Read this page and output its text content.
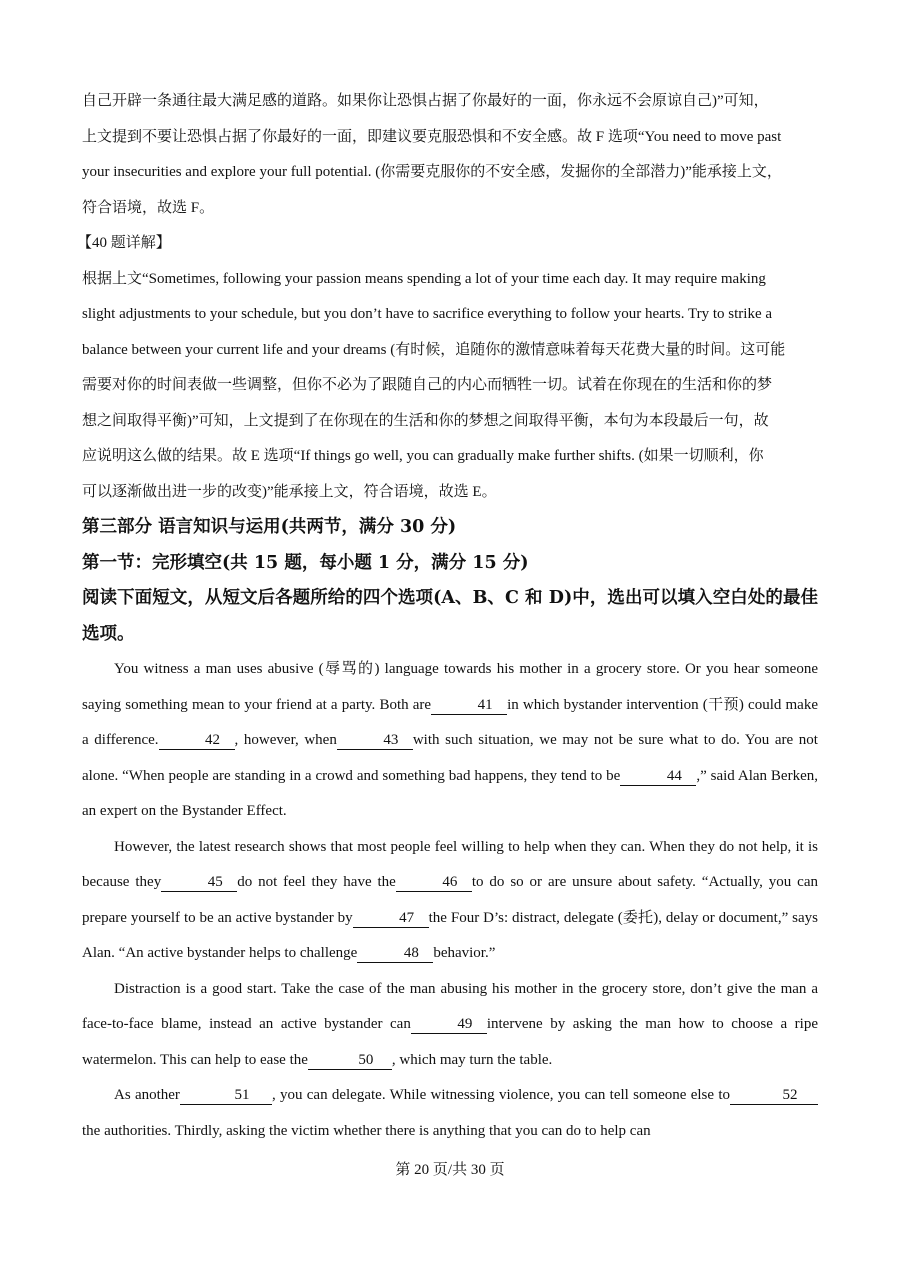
自己开辟一条通往最大满足感的道路。如果你让恐惧占据了你最好的一面，你永远不会原谅自己)”可知，
上文提到不要让恐惧占据了你最好的一面，即建议要克服恐惧和不安全感。故 F 选项“You need to move past
your insecurities and explore your full potential. (你需要克服你的不安全感，发掘你的全部潜力)”能承接上文，
符合语境，故选 F。

【40 题详解】

根据上文“Sometimes, following your passion means spending a lot of your time each day. It may require making
slight adjustments to your schedule, but you don’t have to sacrifice everything to follow your hearts. Try to strike a
balance between your current life and your dreams (有时候，追随你的激情意味着每天花费大量的时间。这可能
需要对你的时间表做一些调整，但你不必为了跟随自己的内心而牺牲一切。试着在你现在的生活和你的梦
想之间取得平衡)”可知，上文提到了在你现在的生活和你的梦想之间取得平衡，本句为本段最后一句，故
应说明这么做的结果。故 E 选项“If things go well, you can gradually make further shifts. (如果一切顺利，你
可以逐渐做出进一步的改变)”能承接上文，符合语境，故选 E。

第三部分 语言知识与运用(共两节，满分 30 分)

第一节：完形填空(共 15 题，每小题 1 分，满分 15 分)

阅读下面短文，从短文后各题所给的四个选项(A、B、C 和 D)中，选出可以填入空白处的最佳选项。

You witness a man uses abusive (辱骂的) language towards his mother in a grocery store. Or you hear someone saying something mean to your friend at a party. Both are	41 in which bystander intervention (干预) could make a difference.	42 , however, when	43 with such situation, we may not be sure what to do. You are not alone. “When people are standing in a crowd and something bad happens, they tend to be	44 ,” said Alan Berken, an expert on the Bystander Effect.

However, the latest research shows that most people feel willing to help when they can. When they do not help, it is because they	45 do not feel they have the	46 to do so or are unsure about safety. “Actually, you can prepare yourself to be an active bystander by	47 the Four D’s: distract, delegate (委托), delay or document,” says Alan. “An active bystander helps to challenge	48 behavior.”

Distraction is a good start. Take the case of the man abusing his mother in the grocery store, don’t give the man a face-to-face blame, instead an active bystander can	49 intervene by asking the man how to choose a ripe watermelon. This can help to ease the	50 , which may turn the table.

As another	51 , you can delegate. While witnessing violence, you can tell someone else to	52the authorities. Thirdly, asking the victim whether there is anything that you can do to help can

第 20 页/共 30 页
